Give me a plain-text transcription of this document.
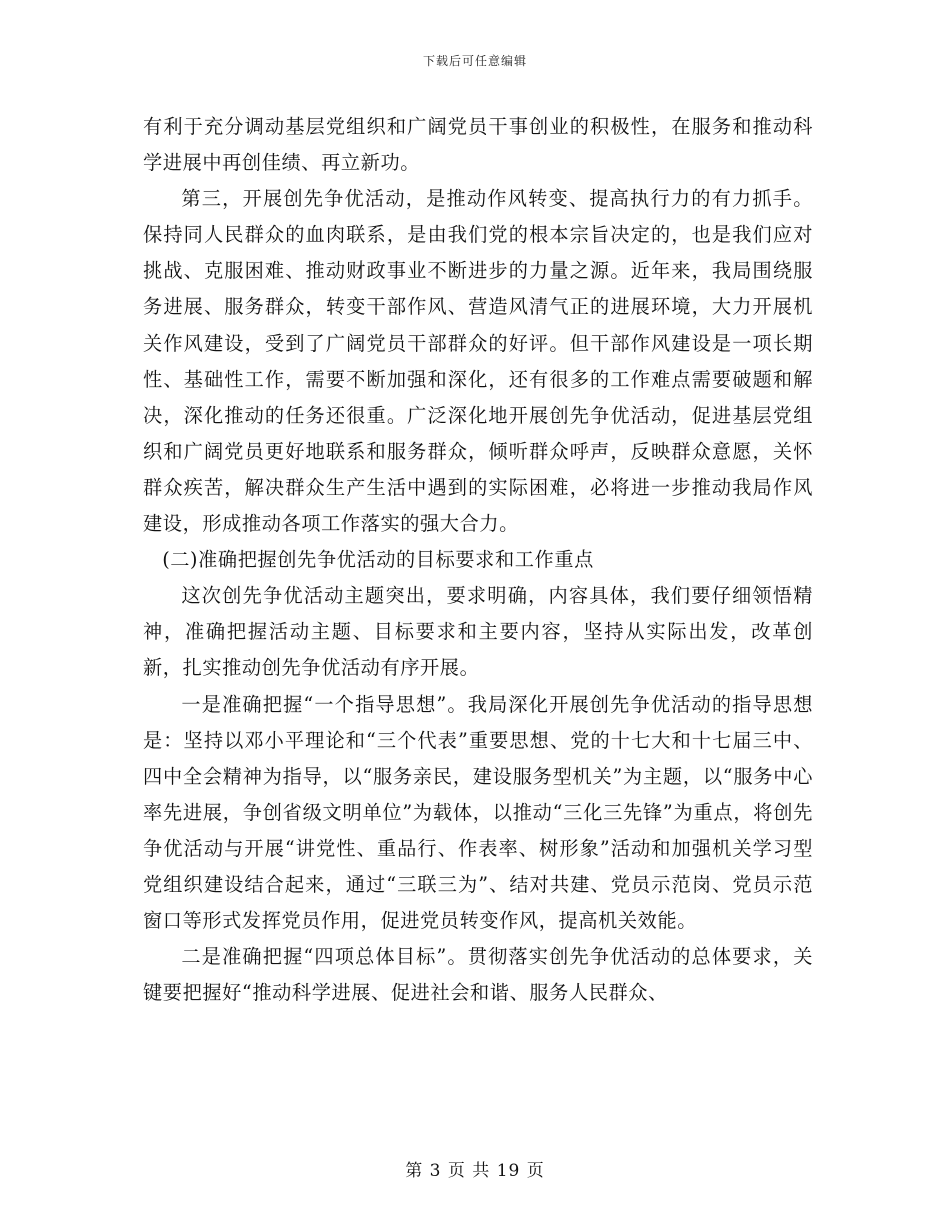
下载后可任意编辑

有利于充分调动基层党组织和广阔党员干事创业的积极性，在服务和推动科学进展中再创佳绩、再立新功。

第三，开展创先争优活动，是推动作风转变、提高执行力的有力抓手。保持同人民群众的血肉联系，是由我们党的根本宗旨决定的，也是我们应对挑战、克服困难、推动财政事业不断进步的力量之源。近年来，我局围绕服务进展、服务群众，转变干部作风、营造风清气正的进展环境，大力开展机关作风建设，受到了广阔党员干部群众的好评。但干部作风建设是一项长期性、基础性工作，需要不断加强和深化，还有很多的工作难点需要破题和解决，深化推动的任务还很重。广泛深化地开展创先争优活动，促进基层党组织和广阔党员更好地联系和服务群众，倾听群众呼声，反映群众意愿，关怀群众疾苦，解决群众生产生活中遇到的实际困难，必将进一步推动我局作风建设，形成推动各项工作落实的强大合力。

(二)准确把握创先争优活动的目标要求和工作重点

这次创先争优活动主题突出，要求明确，内容具体，我们要仔细领悟精神，准确把握活动主题、目标要求和主要内容，坚持从实际出发，改革创新，扎实推动创先争优活动有序开展。

一是准确把握“一个指导思想”。我局深化开展创先争优活动的指导思想是：坚持以邓小平理论和“三个代表”重要思想、党的十七大和十七届三中、四中全会精神为指导，以“服务亲民，建设服务型机关”为主题，以“服务中心率先进展，争创省级文明单位”为载体，以推动“三化三先锋”为重点，将创先争优活动与开展“讲党性、重品行、作表率、树形象”活动和加强机关学习型党组织建设结合起来，通过“三联三为”、结对共建、党员示范岗、党员示范窗口等形式发挥党员作用，促进党员转变作风，提高机关效能。

二是准确把握“四项总体目标”。贯彻落实创先争优活动的总体要求，关键要把握好“推动科学进展、促进社会和谐、服务人民群众、

第 3 页 共 19 页
